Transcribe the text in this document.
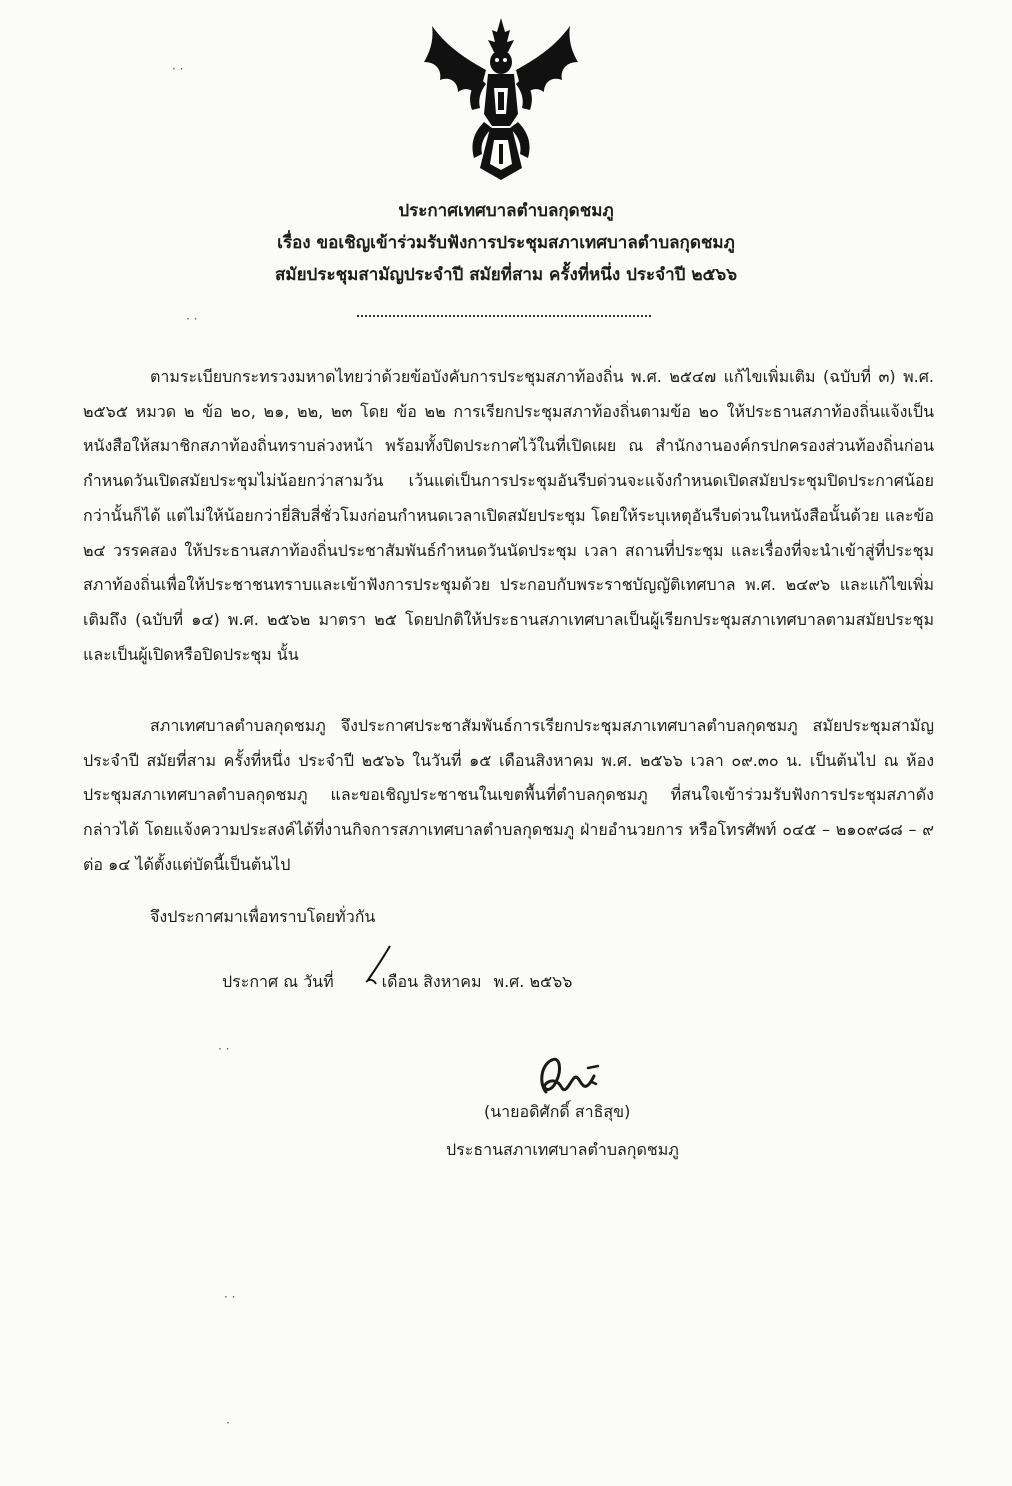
ประกาศเทศบาลตำบลกุดชมภู
เรื่อง ขอเชิญเข้าร่วมรับฟังการประชุมสภาเทศบาลตำบลกุดชมภู
สมัยประชุมสามัญประจำปี สมัยที่สาม ครั้งที่หนึ่ง ประจำปี ๒๕๖๖

ตามระเบียบกระทรวงมหาดไทยว่าด้วยข้อบังคับการประชุมสภาท้องถิ่น พ.ศ. ๒๕๔๗ แก้ไขเพิ่มเติม (ฉบับที่ ๓) พ.ศ. ๒๕๖๕ หมวด ๒ ข้อ ๒๐, ๒๑, ๒๒, ๒๓ โดย ข้อ ๒๒ การเรียกประชุมสภาท้องถิ่นตามข้อ ๒๐ ให้ประธานสภาท้องถิ่นแจ้งเป็นหนังสือให้สมาชิกสภาท้องถิ่นทราบล่วงหน้า พร้อมทั้งปิดประกาศไว้ในที่เปิดเผย ณ สำนักงานองค์กรปกครองส่วนท้องถิ่นก่อนกำหนดวันเปิดสมัยประชุมไม่น้อยกว่าสามวัน เว้นแต่เป็นการประชุมอันรีบด่วนจะแจ้งกำหนดเปิดสมัยประชุมปิดประกาศน้อยกว่านั้นก็ได้ แต่ไม่ให้น้อยกว่ายี่สิบสี่ชั่วโมงก่อนกำหนดเวลาเปิดสมัยประชุม โดยให้ระบุเหตุอันรีบด่วนในหนังสือนั้นด้วย และข้อ ๒๔ วรรคสอง ให้ประธานสภาท้องถิ่นประชาสัมพันธ์กำหนดวันนัดประชุม เวลา สถานที่ประชุม และเรื่องที่จะนำเข้าสู่ที่ประชุมสภาท้องถิ่นเพื่อให้ประชาชนทราบและเข้าฟังการประชุมด้วย ประกอบกับพระราชบัญญัติเทศบาล พ.ศ. ๒๔๙๖ และแก้ไขเพิ่มเติมถึง (ฉบับที่ ๑๔) พ.ศ. ๒๕๖๒ มาตรา ๒๕ โดยปกติให้ประธานสภาเทศบาลเป็นผู้เรียกประชุมสภาเทศบาลตามสมัยประชุมและเป็นผู้เปิดหรือปิดประชุม นั้น

สภาเทศบาลตำบลกุดชมภู จึงประกาศประชาสัมพันธ์การเรียกประชุมสภาเทศบาลตำบลกุดชมภู สมัยประชุมสามัญประจำปี สมัยที่สาม ครั้งที่หนึ่ง ประจำปี ๒๕๖๖ ในวันที่ ๑๕ เดือนสิงหาคม พ.ศ. ๒๕๖๖ เวลา ๐๙.๓๐ น. เป็นต้นไป ณ ห้องประชุมสภาเทศบาลตำบลกุดชมภู และขอเชิญประชาชนในเขตพื้นที่ตำบลกุดชมภู ที่สนใจเข้าร่วมรับฟังการประชุมสภาดังกล่าวได้ โดยแจ้งความประสงค์ได้ที่งานกิจการสภาเทศบาลตำบลกุดชมภู ฝ่ายอำนวยการ หรือโทรศัพท์ ๐๔๕ – ๒๑๐๙๘๘ – ๙ ต่อ ๑๔ ได้ตั้งแต่บัดนี้เป็นต้นไป

จึงประกาศมาเพื่อทราบโดยทั่วกัน
ประกาศ ณ วันที่	เดือน สิงหาคม พ.ศ. ๒๕๖๖
(นายอดิศักดิ์ สาธิสุข)
ประธานสภาเทศบาลตำบลกุดชมภู
· ·
· ·
· ·
· ·
·
